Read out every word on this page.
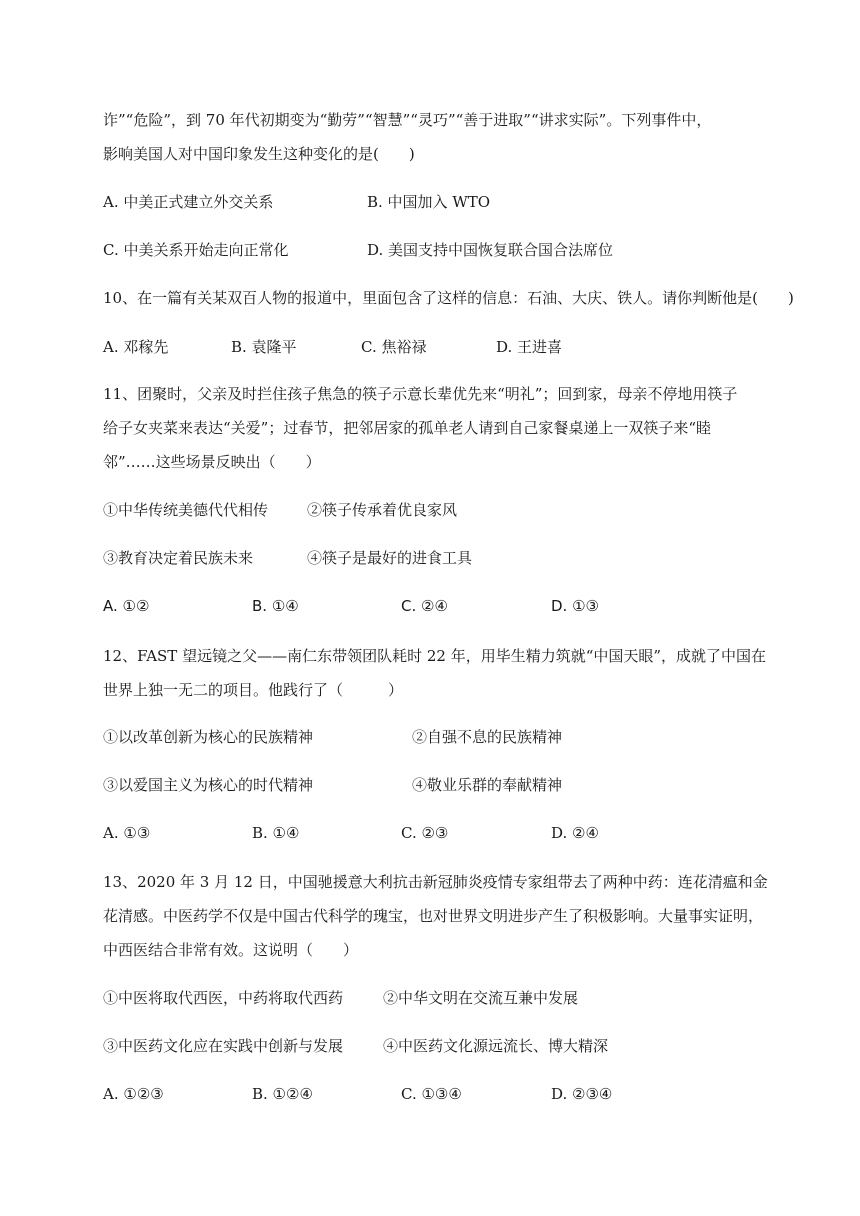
诈”“危险”，到 70 年代初期变为“勤劳”“智慧”“灵巧”“善于进取”“讲求实际”。下列事件中，
影响美国人对中国印象发生这种变化的是(　　)
A. 中美正式建立外交关系	B. 中国加入 WTO
C. 中美关系开始走向正常化	D. 美国支持中国恢复联合国合法席位
10、在一篇有关某双百人物的报道中，里面包含了这样的信息：石油、大庆、铁人。请你判断他是(　　)
A. 邓稼先	B. 袁隆平	C. 焦裕禄	D. 王进喜
11、团聚时，父亲及时拦住孩子焦急的筷子示意长辈优先来“明礼”；回到家，母亲不停地用筷子
给子女夹菜来表达“关爱”；过春节，把邻居家的孤单老人请到自己家餐桌递上一双筷子来“睦
邻”……这些场景反映出（　　）
①中华传统美德代代相传	②筷子传承着优良家风
③教育决定着民族未来	④筷子是最好的进食工具
A. ①②	B. ①④	C. ②④	D. ①③
12、FAST 望远镜之父——南仁东带领团队耗时 22 年，用毕生精力筑就“中国天眼”，成就了中国在
世界上独一无二的项目。他践行了（　　　）
①以改革创新为核心的民族精神	②自强不息的民族精神
③以爱国主义为核心的时代精神	④敬业乐群的奉献精神
A. ①③	B. ①④	C. ②③	D. ②④
13、2020 年 3 月 12 日，中国驰援意大利抗击新冠肺炎疫情专家组带去了两种中药：连花清瘟和金
花清感。中医药学不仅是中国古代科学的瑰宝，也对世界文明进步产生了积极影响。大量事实证明，
中西医结合非常有效。这说明（　　）
①中医将取代西医，中药将取代西药	②中华文明在交流互兼中发展
③中医药文化应在实践中创新与发展	④中医药文化源远流长、博大精深
A. ①②③	B. ①②④	C. ①③④	D. ②③④
